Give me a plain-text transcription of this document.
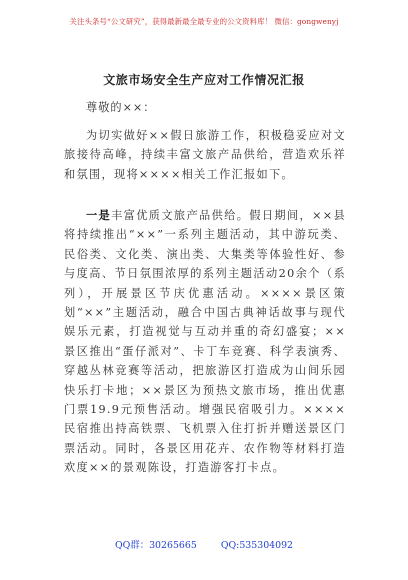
关注头条号“公文研究”，获得最新最全最专业的公文资料库！ 微信：gongwenyj
文旅市场安全生产应对工作情况汇报
尊敬的××：

为切实做好××假日旅游工作，积极稳妥应对文旅接待高峰，持续丰富文旅产品供给，营造欢乐祥和氛围，现将××××相关工作汇报如下。

一是丰富优质文旅产品供给。假日期间，××县将持续推出“××”一系列主题活动，其中游玩类、民俗类、文化类、演出类、大集类等体验性好、参与度高、节日氛围浓厚的系列主题活动20余个（系列），开展景区节庆优惠活动。××××景区策划“××”主题活动，融合中国古典神话故事与现代娱乐元素，打造视觉与互动并重的奇幻盛宴；××景区推出“蛋仔派对”、卡丁车竞赛、科学表演秀、穿越丛林竞赛等活动，把旅游区打造成为山间乐园快乐打卡地；××景区为预热文旅市场，推出优惠门票19.9元预售活动。增强民宿吸引力。××××民宿推出持高铁票、飞机票入住打折并赠送景区门票活动。同时，各景区用花卉、农作物等材料打造欢度××的景观陈设，打造游客打卡点。

QQ群：30265665	QQ:535304092
